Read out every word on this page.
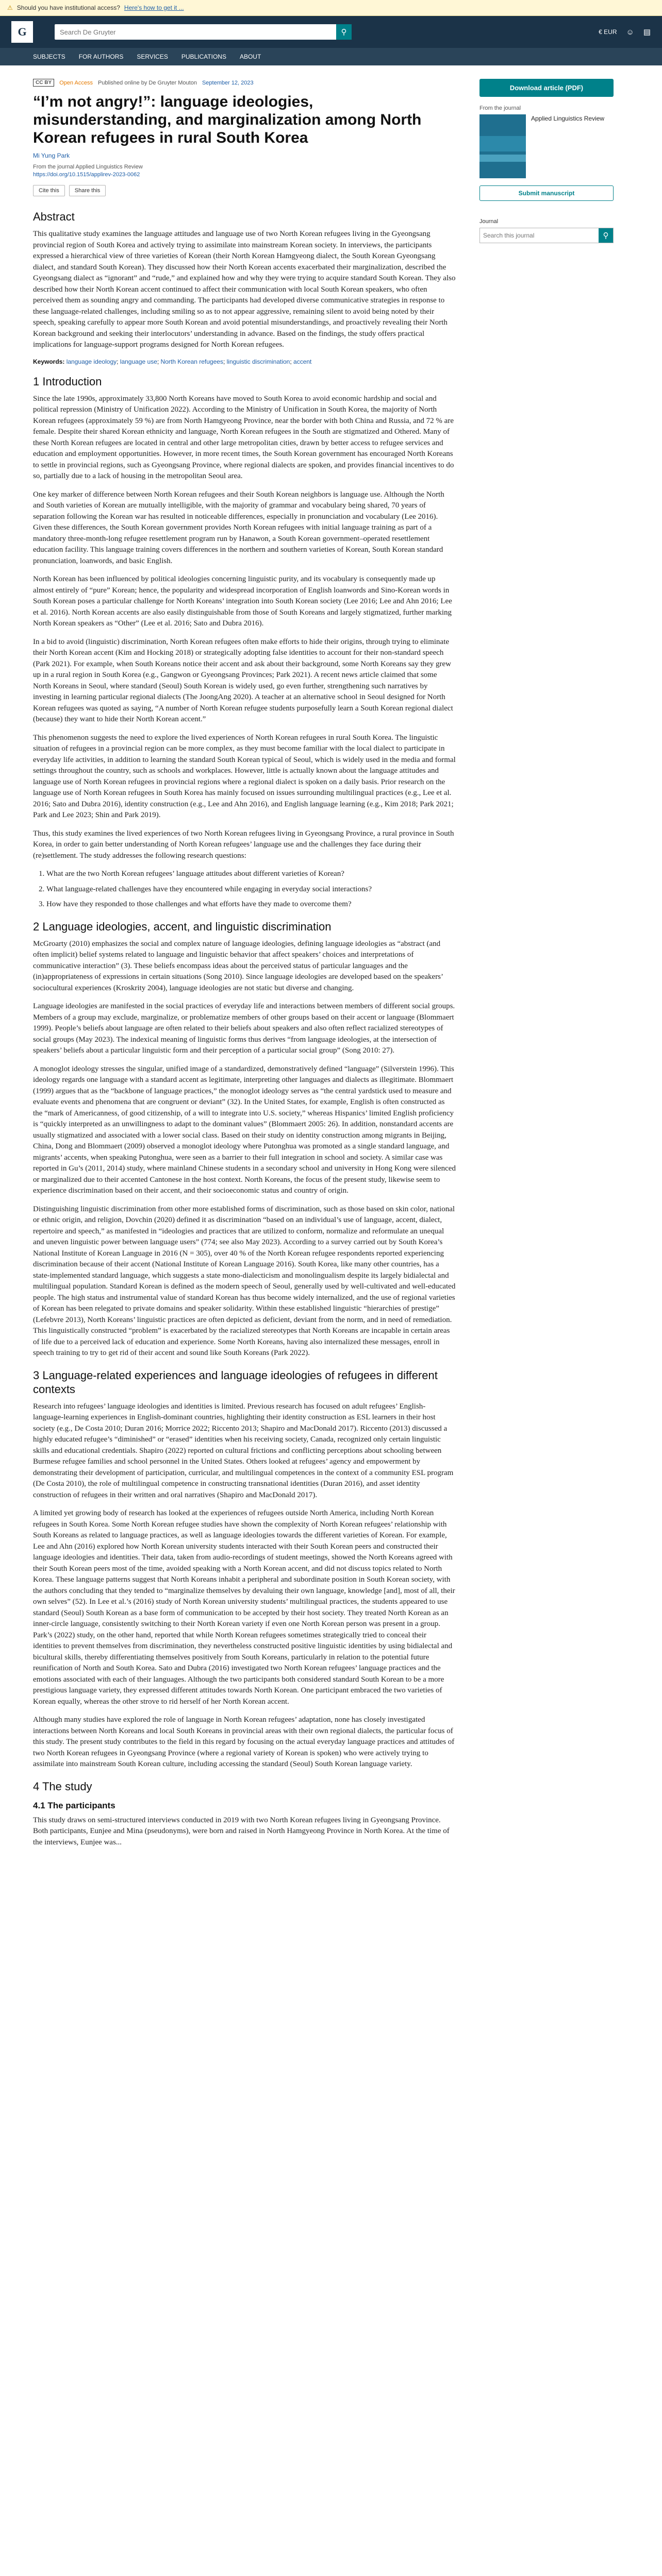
⚠ Should you have institutional access? Here's how to get it ...
G
Search De Gruyter	⚲	€ EUR ☺ ▤
SUBJECTS FOR AUTHORS SERVICES PUBLICATIONS ABOUT
CC BY	Open Access Published online by De Gruyter Mouton September 12, 2023
“I’m not angry!”: language ideologies, misunderstanding, and marginalization among North Korean refugees in rural South Korea
Mi Yung Park
From the journal Applied Linguistics Review
https://doi.org/10.1515/applirev-2023-0062
Cite this	Share this
Abstract

This qualitative study examines the language attitudes and language use of two North Korean refugees living in the Gyeongsang provincial region of South Korea and actively trying to assimilate into mainstream Korean society. In interviews, the participants expressed a hierarchical view of three varieties of Korean (their North Korean Hamgyeong dialect, the South Korean Gyeongsang dialect, and standard South Korean). They discussed how their North Korean accents exacerbated their marginalization, described the Gyeongsang dialect as “ignorant” and “rude,” and explained how and why they were trying to acquire standard South Korean. They also described how their North Korean accent continued to affect their communication with local South Korean speakers, who often perceived them as sounding angry and commanding. The participants had developed diverse communicative strategies in response to these language-related challenges, including smiling so as to not appear aggressive, remaining silent to avoid being noted by their speech, speaking carefully to appear more South Korean and avoid potential misunderstandings, and proactively revealing their North Korean background and seeking their interlocutors’ understanding in advance. Based on the findings, the study offers practical implications for language-support programs designed for North Korean refugees.

Keywords: language ideology; language use; North Korean refugees; linguistic discrimination; accent
1 Introduction

Since the late 1990s, approximately 33,800 North Koreans have moved to South Korea to avoid economic hardship and social and political repression (Ministry of Unification 2022). According to the Ministry of Unification in South Korea, the majority of North Korean refugees (approximately 59 %) are from North Hamgyeong Province, near the border with both China and Russia, and 72 % are female. Despite their shared Korean ethnicity and language, North Korean refugees in the South are stigmatized and Othered. Many of these North Korean refugees are located in central and other large metropolitan cities, drawn by better access to refugee services and education and employment opportunities. However, in more recent times, the South Korean government has encouraged North Koreans to settle in provincial regions, such as Gyeongsang Province, where regional dialects are spoken, and provides financial incentives to do so, partially due to a lack of housing in the metropolitan Seoul area.

One key marker of difference between North Korean refugees and their South Korean neighbors is language use. Although the North and South varieties of Korean are mutually intelligible, with the majority of grammar and vocabulary being shared, 70 years of separation following the Korean war has resulted in noticeable differences, especially in pronunciation and vocabulary (Lee 2016). Given these differences, the South Korean government provides North Korean refugees with initial language training as part of a mandatory three-month-long refugee resettlement program run by Hanawon, a South Korean government–operated resettlement education facility. This language training covers differences in the northern and southern varieties of Korean, South Korean standard pronunciation, loanwords, and basic English.

North Korean has been influenced by political ideologies concerning linguistic purity, and its vocabulary is consequently made up almost entirely of “pure” Korean; hence, the popularity and widespread incorporation of English loanwords and Sino-Korean words in South Korean poses a particular challenge for North Koreans’ integration into South Korean society (Lee 2016; Lee and Ahn 2016; Lee et al. 2016). North Korean accents are also easily distinguishable from those of South Koreans and largely stigmatized, further marking North Korean speakers as “Other” (Lee et al. 2016; Sato and Dubrа 2016).

In a bid to avoid (linguistic) discrimination, North Korean refugees often make efforts to hide their origins, through trying to eliminate their North Korean accent (Kim and Hocking 2018) or strategically adopting false identities to account for their non-standard speech (Park 2021). For example, when South Koreans notice their accent and ask about their background, some North Koreans say they grew up in a rural region in South Korea (e.g., Gangwon or Gyeongsang Provinces; Park 2021). A recent news article claimed that some North Koreans in Seoul, where standard (Seoul) South Korean is widely used, go even further, strengthening such narratives by investing in learning particular regional dialects (The JoongAng 2020). A teacher at an alternative school in Seoul designed for North Korean refugees was quoted as saying, “A number of North Korean refugee students purposefully learn a South Korean regional dialect (because) they want to hide their North Korean accent.”

This phenomenon suggests the need to explore the lived experiences of North Korean refugees in rural South Korea. The linguistic situation of refugees in a provincial region can be more complex, as they must become familiar with the local dialect to participate in everyday life activities, in addition to learning the standard South Korean typical of Seoul, which is widely used in the media and formal settings throughout the country, such as schools and workplaces. However, little is actually known about the language attitudes and language use of North Korean refugees in provincial regions where a regional dialect is spoken on a daily basis. Prior research on the language use of North Korean refugees in South Korea has mainly focused on issues surrounding multilingual practices (e.g., Lee et al. 2016; Sato and Dubrа 2016), identity construction (e.g., Lee and Ahn 2016), and English language learning (e.g., Kim 2018; Park 2021; Park and Lee 2023; Shin and Park 2019).

Thus, this study examines the lived experiences of two North Korean refugees living in Gyeongsang Province, a rural province in South Korea, in order to gain better understanding of North Korean refugees’ language use and the challenges they face during their (re)settlement. The study addresses the following research questions:

1. What are the two North Korean refugees’ language attitudes about different varieties of Korean?
2. What language-related challenges have they encountered while engaging in everyday social interactions?
3. How have they responded to those challenges and what efforts have they made to overcome them?
2 Language ideologies, accent, and linguistic discrimination

McGroarty (2010) emphasizes the social and complex nature of language ideologies, defining language ideologies as “abstract (and often implicit) belief systems related to language and linguistic behavior that affect speakers’ choices and interpretations of communicative interaction” (3). These beliefs encompass ideas about the perceived status of particular languages and the (in)appropriateness of expressions in certain situations (Song 2010). Since language ideologies are developed based on the speakers’ sociocultural experiences (Kroskrity 2004), language ideologies are not static but diverse and changing.

Language ideologies are manifested in the social practices of everyday life and interactions between members of different social groups. Members of a group may exclude, marginalize, or problematize members of other groups based on their accent or language (Blommaert 1999). People’s beliefs about language are often related to their beliefs about speakers and also often reflect racialized stereotypes of social groups (May 2023). The indexical meaning of linguistic forms thus derives “from language ideologies, at the intersection of speakers’ beliefs about a particular linguistic form and their perception of a particular social group” (Song 2010: 27).

A monoglot ideology stresses the singular, unified image of a standardized, demonstratively defined “language” (Silverstein 1996). This ideology regards one language with a standard accent as legitimate, interpreting other languages and dialects as illegitimate. Blommaert (1999) argues that as the “backbone of language practices,” the monoglot ideology serves as “the central yardstick used to measure and evaluate events and phenomena that are congruent or deviant” (32). In the United States, for example, English is often constructed as the “mark of Americanness, of good citizenship, of a will to integrate into U.S. society,” whereas Hispanics’ limited English proficiency is “quickly interpreted as an unwillingness to adapt to the dominant values” (Blommaert 2005: 26). In addition, nonstandard accents are usually stigmatized and associated with a lower social class. Based on their study on identity construction among migrants in Beijing, China, Dong and Blommaert (2009) observed a monoglot ideology where Putonghua was promoted as a single standard language, and migrants’ accents, when speaking Putonghua, were seen as a barrier to their full integration in school and society. A similar case was reported in Gu’s (2011, 2014) study, where mainland Chinese students in a secondary school and university in Hong Kong were silenced or marginalized due to their accented Cantonese in the host context. North Koreans, the focus of the present study, likewise seem to experience discrimination based on their accent, and their socioeconomic status and country of origin.

Distinguishing linguistic discrimination from other more established forms of discrimination, such as those based on skin color, national or ethnic origin, and religion, Dovchin (2020) defined it as discrimination “based on an individual’s use of language, accent, dialect, repertoire and speech,” as manifested in “ideologies and practices that are utilized to conform, normalize and reformulate an unequal and uneven linguistic power between language users” (774; see also May 2023). According to a survey carried out by South Korea’s National Institute of Korean Language in 2016 (N = 305), over 40 % of the North Korean refugee respondents reported experiencing discrimination because of their accent (National Institute of Korean Language 2016). South Korea, like many other countries, has a state-implemented standard language, which suggests a state mono-dialecticism and monolingualism despite its largely bidialectal and multilingual population. Standard Korean is defined as the modern speech of Seoul, generally used by well-cultivated and well-educated people. The high status and instrumental value of standard Korean has thus become widely internalized, and the use of regional varieties of Korean has been relegated to private domains and speaker solidarity. Within these established linguistic “hierarchies of prestige” (Lefebvre 2013), North Koreans’ linguistic practices are often depicted as deficient, deviant from the norm, and in need of remediation. This linguistically constructed “problem” is exacerbated by the racialized stereotypes that North Koreans are incapable in certain areas of life due to a perceived lack of education and experience. Some North Koreans, having also internalized these messages, enroll in speech training to try to get rid of their accent and sound like South Koreans (Park 2022).

3 Language-related experiences and language ideologies of refugees in different contexts

Research into refugees’ language ideologies and identities is limited. Previous research has focused on adult refugees’ English-language-learning experiences in English-dominant countries, highlighting their identity construction as ESL learners in their host society (e.g., De Costa 2010; Duran 2016; Morrice 2022; Riccento 2013; Shapiro and MacDonald 2017). Riccento (2013) discussed a highly educated refugee’s “diminished” or “erased” identities when his receiving society, Canada, recognized only certain linguistic skills and educational credentials. Shapiro (2022) reported on cultural frictions and conflicting perceptions about schooling between Burmese refugee families and school personnel in the United States. Others looked at refugees’ agency and empowerment by demonstrating their development of participation, curricular, and multilingual competences in the context of a community ESL program (De Costa 2010), the role of multilingual competence in constructing transnational identities (Duran 2016), and asset identity construction of refugees in their written and oral narratives (Shapiro and MacDonald 2017).

A limited yet growing body of research has looked at the experiences of refugees outside North America, including North Korean refugees in South Korea. Some North Korean refugee studies have shown the complexity of North Korean refugees’ relationship with South Koreans as related to language practices, as well as language ideologies towards the different varieties of Korean. For example, Lee and Ahn (2016) explored how North Korean university students interacted with their South Korean peers and constructed their language ideologies and identities. Their data, taken from audio-recordings of student meetings, showed the North Koreans agreed with their South Korean peers most of the time, avoided speaking with a North Korean accent, and did not discuss topics related to North Korea. These language patterns suggest that North Koreans inhabit a peripheral and subordinate position in South Korean society, with the authors concluding that they tended to “marginalize themselves by devaluing their own language, knowledge [and], most of all, their own selves” (52). In Lee et al.’s (2016) study of North Korean university students’ multilingual practices, the students appeared to use standard (Seoul) South Korean as a base form of communication to be accepted by their host society. They treated North Korean as an inner-circle language, consistently switching to their North Korean variety if even one North Korean person was present in a group. Park’s (2022) study, on the other hand, reported that while North Korean refugees sometimes strategically tried to conceal their identities to prevent themselves from discrimination, they nevertheless constructed positive linguistic identities by using bidialectal and bicultural skills, thereby differentiating themselves positively from South Koreans, particularly in relation to the potential future reunification of North and South Korea. Sato and Dubrа (2016) investigated two North Korean refugees’ language practices and the emotions associated with each of their languages. Although the two participants both considered standard South Korean to be a more prestigious language variety, they expressed different attitudes towards North Korean. One participant embraced the two varieties of Korean equally, whereas the other strove to rid herself of her North Korean accent.

Although many studies have explored the role of language in North Korean refugees’ adaptation, none has closely investigated interactions between North Koreans and local South Koreans in provincial areas with their own regional dialects, the particular focus of this study. The present study contributes to the field in this regard by focusing on the actual everyday language practices and attitudes of two North Korean refugees in Gyeongsang Province (where a regional variety of Korean is spoken) who were actively trying to assimilate into mainstream South Korean culture, including accessing the standard (Seoul) South Korean language variety.

4 The study
4.1 The participants

This study draws on semi-structured interviews conducted in 2019 with two North Korean refugees living in Gyeongsang Province. Both participants, Eunjee and Mina (pseudonyms), were born and raised in North Hamgyeong Province in North Korea. At the time of the interviews, Eunjee was...

Download article (PDF)
From the journal
Applied Linguistics Review
Submit manuscript
Journal
Search this journal
⚲
